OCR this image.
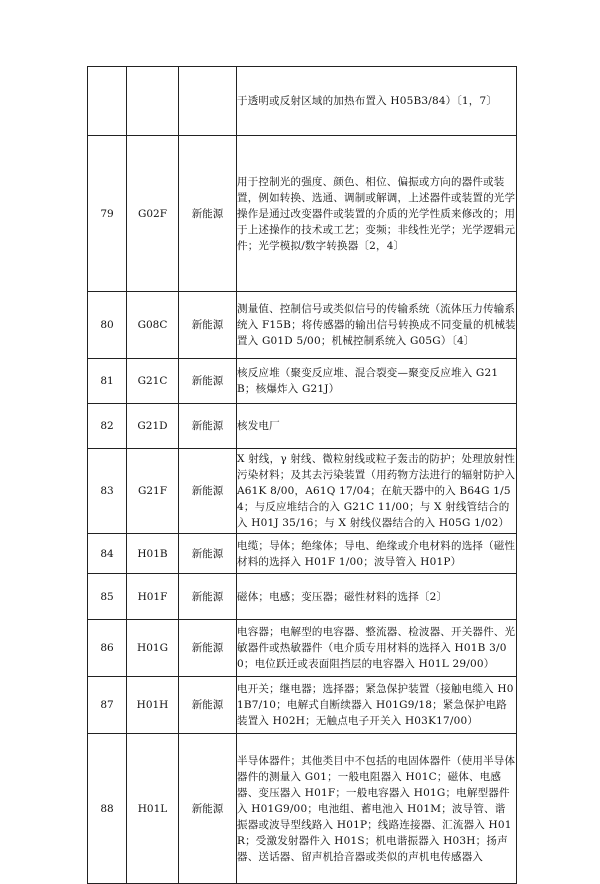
			于透明或反射区域的加热布置入 H05B3/84）〔1，7〕
79	G02F	新能源	用于控制光的强度、颜色、相位、偏振或方向的器件或装置，例如转换、选通、调制或解调，上述器件或装置的光学操作是通过改变器件或装置的介质的光学性质来修改的；用于上述操作的技术或工艺；变频；非线性光学；光学逻辑元件；光学模拟/数字转换器〔2，4〕
80	G08C	新能源	测量值、控制信号或类似信号的传输系统（流体压力传输系统入 F15B；将传感器的输出信号转换成不同变量的机械装置入 G01D 5/00；机械控制系统入 G05G）〔4〕
81	G21C	新能源	核反应堆（聚变反应堆、混合裂变—聚变反应堆入 G21B；核爆炸入 G21J）
82	G21D	新能源	核发电厂
83	G21F	新能源	X 射线，γ 射线、微粒射线或粒子轰击的防护；处理放射性污染材料；及其去污染装置（用药物方法进行的辐射防护入 A61K 8/00，A61Q 17/04；在航天器中的入 B64G 1/54；与反应堆结合的入 G21C 11/00；与 X 射线管结合的入 H01J 35/16；与 X 射线仪器结合的入 H05G 1/02）
84	H01B	新能源	电缆；导体；绝缘体；导电、绝缘或介电材料的选择（磁性材料的选择入 H01F 1/00；波导管入 H01P）
85	H01F	新能源	磁体；电感；变压器；磁性材料的选择〔2〕
86	H01G	新能源	电容器；电解型的电容器、整流器、检波器、开关器件、光敏器件或热敏器件（电介质专用材料的选择入 H01B 3/00；电位跃迁或表面阻挡层的电容器入 H01L 29/00）
87	H01H	新能源	电开关；继电器；选择器；紧急保护装置（接触电缆入 H01B7/10；电解式自断续器入 H01G9/18；紧急保护电路装置入 H02H；无触点电子开关入 H03K17/00）
88	H01L	新能源	半导体器件；其他类目中不包括的电固体器件（使用半导体器件的测量入 G01；一般电阻器入 H01C；磁体、电感器、变压器入 H01F；一般电容器入 H01G；电解型器件入 H01G9/00；电池组、蓄电池入 H01M；波导管、谐振器或波导型线路入 H01P；线路连接器、汇流器入 H01R；受激发射器件入 H01S；机电谐振器入 H03H；扬声器、送话器、留声机拾音器或类似的声机电传感器入
